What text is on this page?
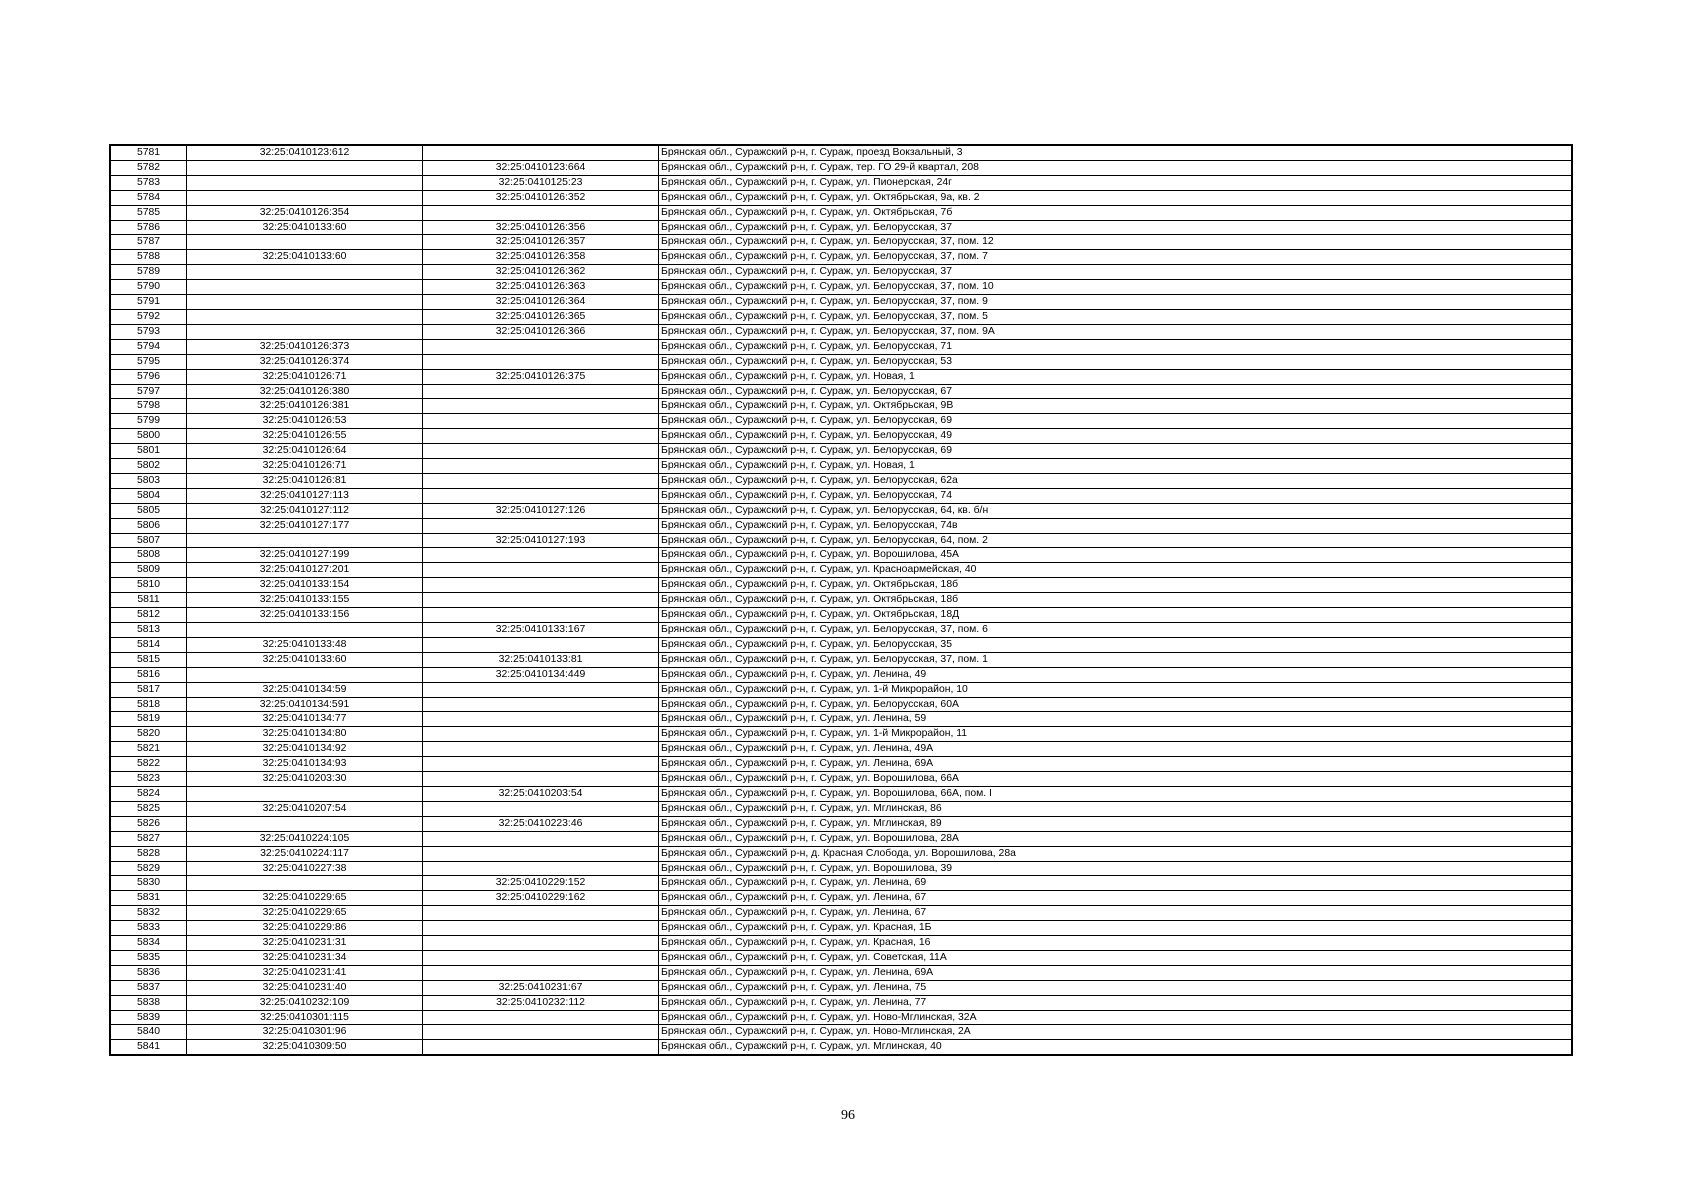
5781	32:25:0410123:612		Брянская обл., Суражский р-н, г. Сураж, проезд Вокзальный, 3
5782		32:25:0410123:664	Брянская обл., Суражский р-н, г. Сураж, тер. ГО 29-й квартал, 208
5783		32:25:0410125:23	Брянская обл., Суражский р-н, г. Сураж, ул. Пионерская, 24г
5784		32:25:0410126:352	Брянская обл., Суражский р-н, г. Сураж, ул. Октябрьская, 9а, кв. 2
5785	32:25:0410126:354		Брянская обл., Суражский р-н, г. Сураж, ул. Октябрьская, 7б
5786	32:25:0410133:60	32:25:0410126:356	Брянская обл., Суражский р-н, г. Сураж, ул. Белорусская, 37
5787		32:25:0410126:357	Брянская обл., Суражский р-н, г. Сураж, ул. Белорусская, 37, пом. 12
5788	32:25:0410133:60	32:25:0410126:358	Брянская обл., Суражский р-н, г. Сураж, ул. Белорусская, 37, пом. 7
5789		32:25:0410126:362	Брянская обл., Суражский р-н, г. Сураж, ул. Белорусская, 37
5790		32:25:0410126:363	Брянская обл., Суражский р-н, г. Сураж, ул. Белорусская, 37, пом. 10
5791		32:25:0410126:364	Брянская обл., Суражский р-н, г. Сураж, ул. Белорусская, 37, пом. 9
5792		32:25:0410126:365	Брянская обл., Суражский р-н, г. Сураж, ул. Белорусская, 37, пом. 5
5793		32:25:0410126:366	Брянская обл., Суражский р-н, г. Сураж, ул. Белорусская, 37, пом. 9А
5794	32:25:0410126:373		Брянская обл., Суражский р-н, г. Сураж, ул. Белорусская, 71
5795	32:25:0410126:374		Брянская обл., Суражский р-н, г. Сураж, ул. Белорусская, 53
5796	32:25:0410126:71	32:25:0410126:375	Брянская обл., Суражский р-н, г. Сураж, ул. Новая, 1
5797	32:25:0410126:380		Брянская обл., Суражский р-н, г. Сураж, ул. Белорусская, 67
5798	32:25:0410126:381		Брянская обл., Суражский р-н, г. Сураж, ул. Октябрьская, 9В
5799	32:25:0410126:53		Брянская обл., Суражский р-н, г. Сураж, ул. Белорусская, 69
5800	32:25:0410126:55		Брянская обл., Суражский р-н, г. Сураж, ул. Белорусская, 49
5801	32:25:0410126:64		Брянская обл., Суражский р-н, г. Сураж, ул. Белорусская, 69
5802	32:25:0410126:71		Брянская обл., Суражский р-н, г. Сураж, ул. Новая, 1
5803	32:25:0410126:81		Брянская обл., Суражский р-н, г. Сураж, ул. Белорусская, 62а
5804	32:25:0410127:113		Брянская обл., Суражский р-н, г. Сураж, ул. Белорусская, 74
5805	32:25:0410127:112	32:25:0410127:126	Брянская обл., Суражский р-н, г. Сураж, ул. Белорусская, 64, кв. б/н
5806	32:25:0410127:177		Брянская обл., Суражский р-н, г. Сураж, ул. Белорусская, 74в
5807		32:25:0410127:193	Брянская обл., Суражский р-н, г. Сураж, ул. Белорусская, 64, пом. 2
5808	32:25:0410127:199		Брянская обл., Суражский р-н, г. Сураж, ул. Ворошилова, 45А
5809	32:25:0410127:201		Брянская обл., Суражский р-н, г. Сураж, ул. Красноармейская, 40
5810	32:25:0410133:154		Брянская обл., Суражский р-н, г. Сураж, ул. Октябрьская, 18б
5811	32:25:0410133:155		Брянская обл., Суражский р-н, г. Сураж, ул. Октябрьская, 18б
5812	32:25:0410133:156		Брянская обл., Суражский р-н, г. Сураж, ул. Октябрьская, 18Д
5813		32:25:0410133:167	Брянская обл., Суражский р-н, г. Сураж, ул. Белорусская, 37, пом. 6
5814	32:25:0410133:48		Брянская обл., Суражский р-н, г. Сураж, ул. Белорусская, 35
5815	32:25:0410133:60	32:25:0410133:81	Брянская обл., Суражский р-н, г. Сураж, ул. Белорусская, 37, пом. 1
5816		32:25:0410134:449	Брянская обл., Суражский р-н, г. Сураж, ул. Ленина, 49
5817	32:25:0410134:59		Брянская обл., Суражский р-н, г. Сураж, ул. 1-й Микрорайон, 10
5818	32:25:0410134:591		Брянская обл., Суражский р-н, г. Сураж, ул. Белорусская, 60А
5819	32:25:0410134:77		Брянская обл., Суражский р-н, г. Сураж, ул. Ленина, 59
5820	32:25:0410134:80		Брянская обл., Суражский р-н, г. Сураж, ул. 1-й Микрорайон, 11
5821	32:25:0410134:92		Брянская обл., Суражский р-н, г. Сураж, ул. Ленина, 49А
5822	32:25:0410134:93		Брянская обл., Суражский р-н, г. Сураж, ул. Ленина, 69А
5823	32:25:0410203:30		Брянская обл., Суражский р-н, г. Сураж, ул. Ворошилова, 66А
5824		32:25:0410203:54	Брянская обл., Суражский р-н, г. Сураж, ул. Ворошилова, 66А, пом. I
5825	32:25:0410207:54		Брянская обл., Суражский р-н, г. Сураж, ул. Мглинская, 86
5826		32:25:0410223:46	Брянская обл., Суражский р-н, г. Сураж, ул. Мглинская, 89
5827	32:25:0410224:105		Брянская обл., Суражский р-н, г. Сураж, ул. Ворошилова, 28А
5828	32:25:0410224:117		Брянская обл., Суражский р-н, д. Красная Слобода, ул. Ворошилова, 28а
5829	32:25:0410227:38		Брянская обл., Суражский р-н, г. Сураж, ул. Ворошилова, 39
5830		32:25:0410229:152	Брянская обл., Суражский р-н, г. Сураж, ул. Ленина, 69
5831	32:25:0410229:65	32:25:0410229:162	Брянская обл., Суражский р-н, г. Сураж, ул. Ленина, 67
5832	32:25:0410229:65		Брянская обл., Суражский р-н, г. Сураж, ул. Ленина, 67
5833	32:25:0410229:86		Брянская обл., Суражский р-н, г. Сураж, ул. Красная, 1Б
5834	32:25:0410231:31		Брянская обл., Суражский р-н, г. Сураж, ул. Красная, 16
5835	32:25:0410231:34		Брянская обл., Суражский р-н, г. Сураж, ул. Советская, 11А
5836	32:25:0410231:41		Брянская обл., Суражский р-н, г. Сураж, ул. Ленина, 69А
5837	32:25:0410231:40	32:25:0410231:67	Брянская обл., Суражский р-н, г. Сураж, ул. Ленина, 75
5838	32:25:0410232:109	32:25:0410232:112	Брянская обл., Суражский р-н, г. Сураж, ул. Ленина, 77
5839	32:25:0410301:115		Брянская обл., Суражский р-н, г. Сураж, ул. Ново-Мглинская, 32А
5840	32:25:0410301:96		Брянская обл., Суражский р-н, г. Сураж, ул. Ново-Мглинская, 2А
5841	32:25:0410309:50		Брянская обл., Суражский р-н, г. Сураж, ул. Мглинская, 40
96
